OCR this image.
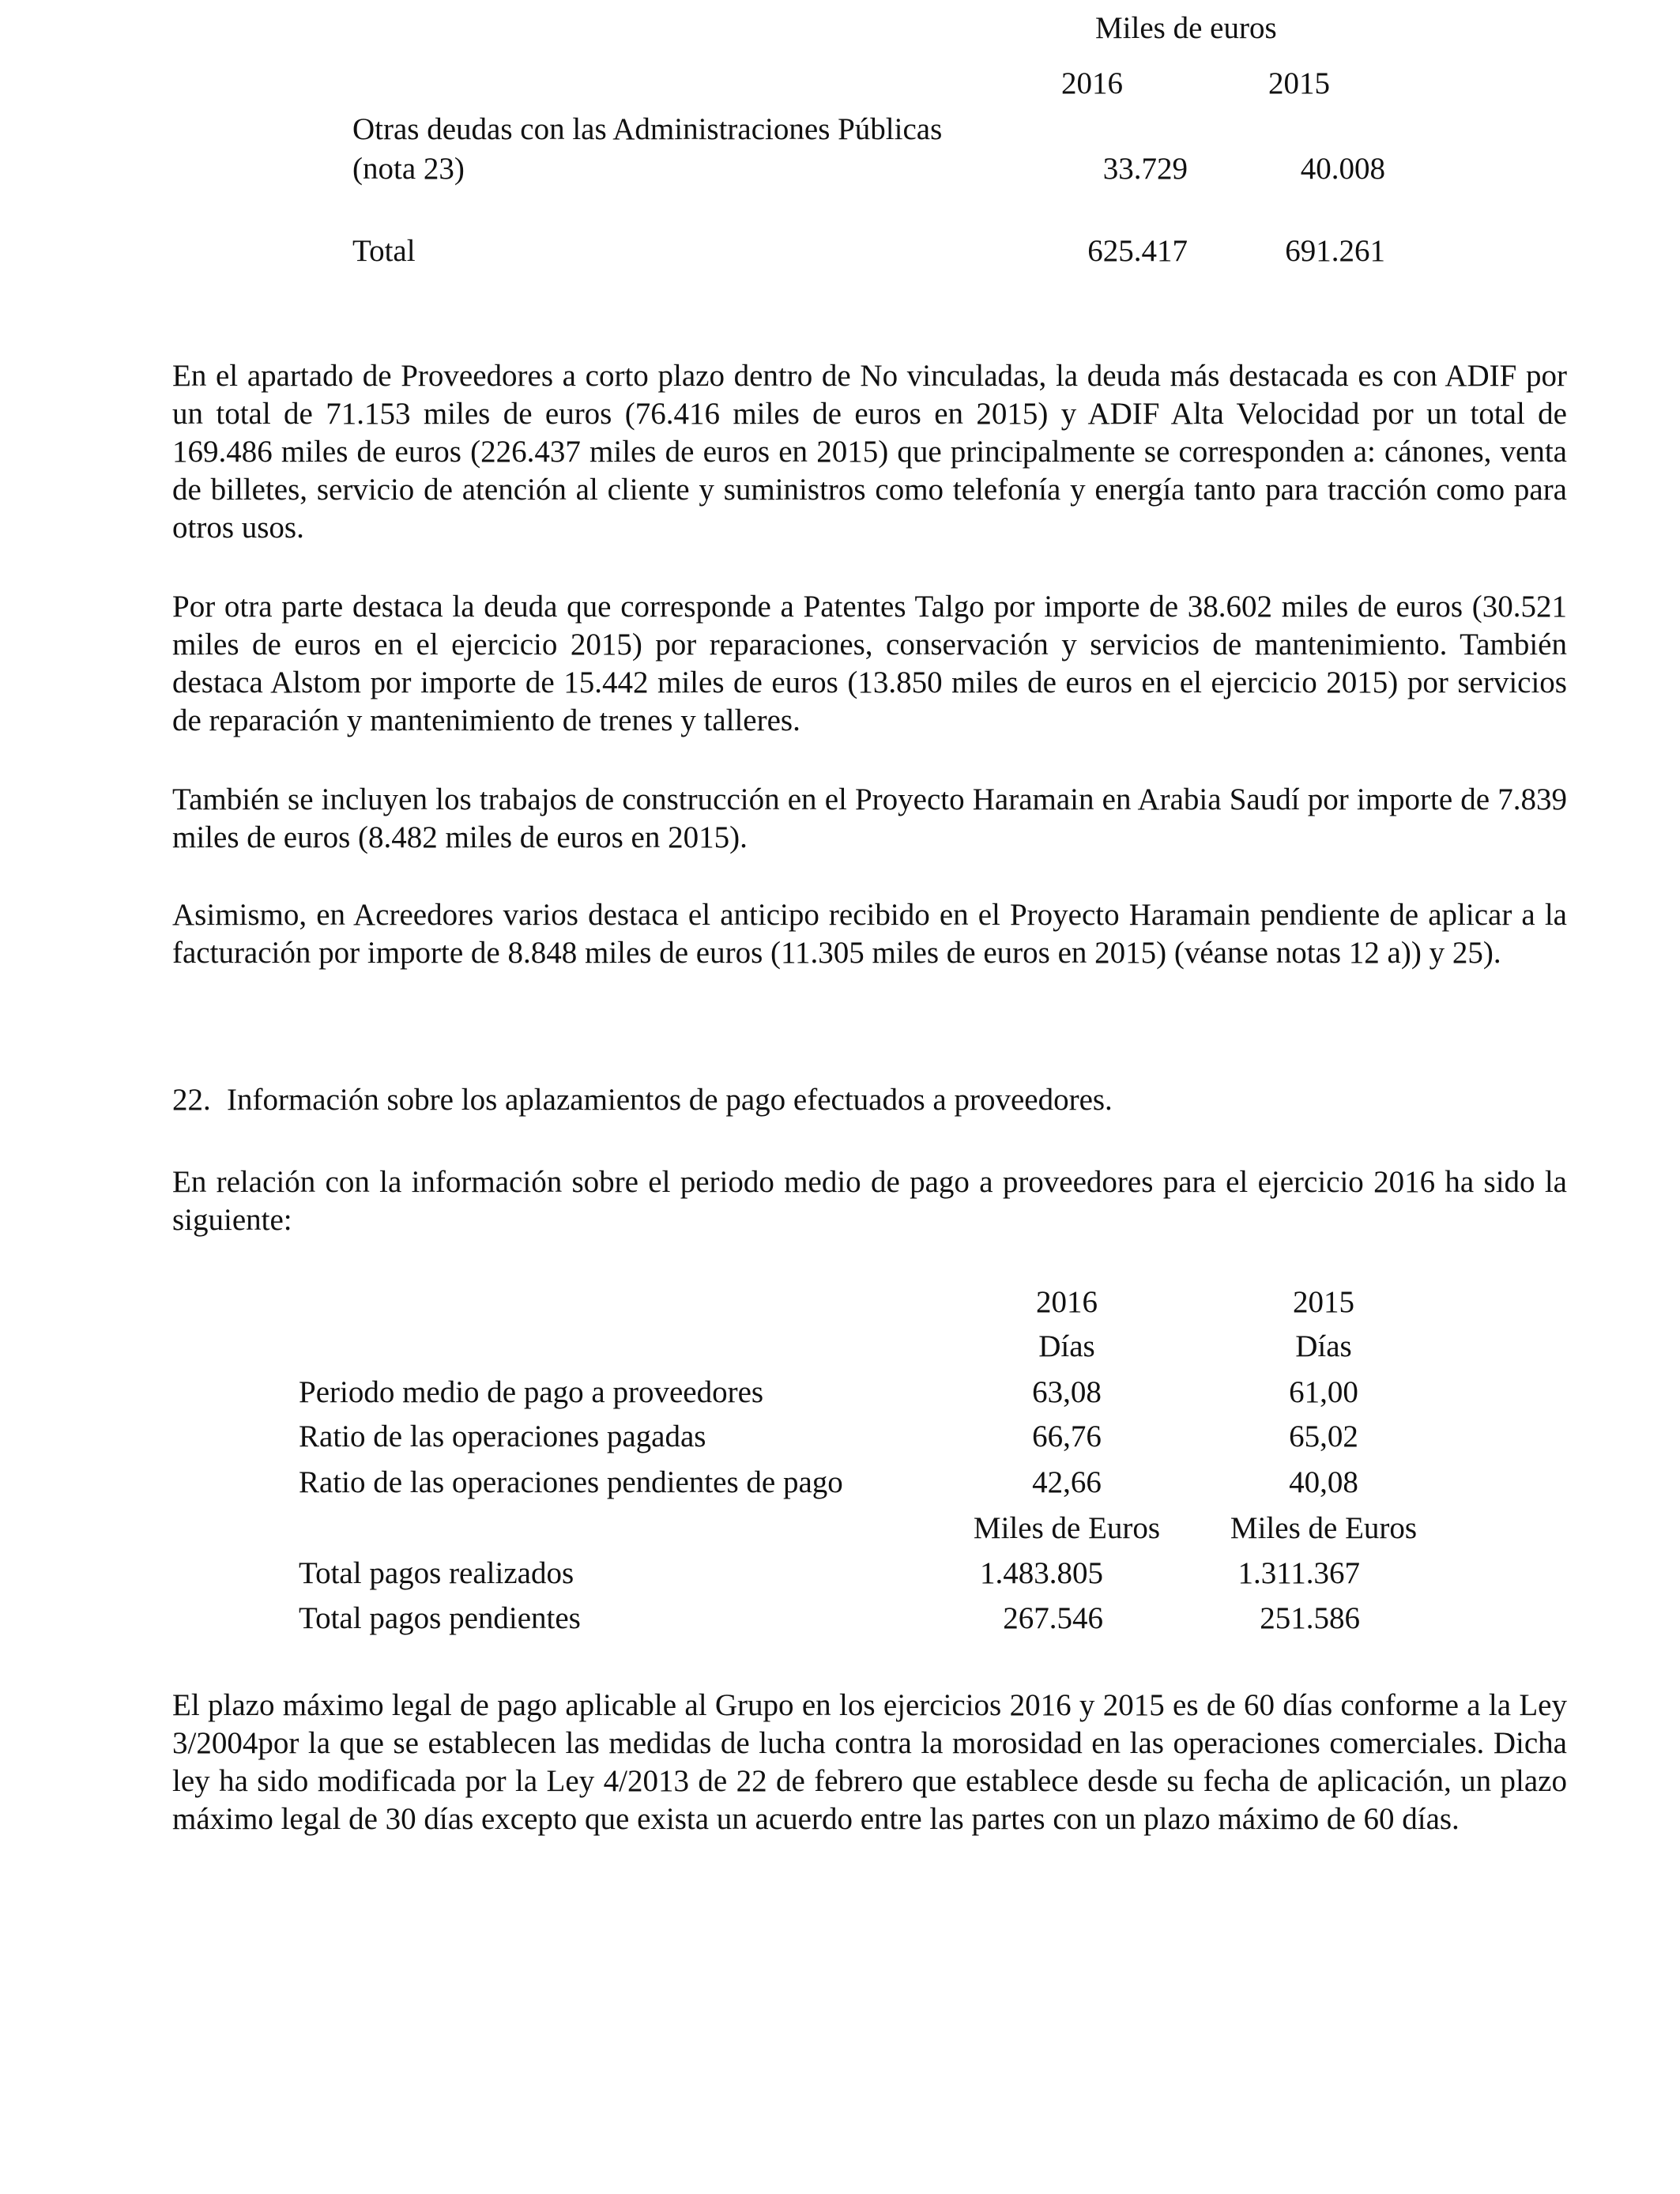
Miles de euros
2016	2015
Otras deudas con las Administraciones Públicas
(nota 23)	33.729	40.008
Total	625.417	691.261
En el apartado de Proveedores a corto plazo dentro de No vinculadas, la deuda más destacada es con ADIF por un total de 71.153 miles de euros (76.416 miles de euros en 2015) y ADIF Alta Velocidad por un total de 169.486 miles de euros (226.437 miles de euros en 2015) que principalmente se corresponden a: cánones, venta de billetes, servicio de atención al cliente y suministros como telefonía y energía tanto para tracción como para otros usos.
Por otra parte destaca la deuda que corresponde a Patentes Talgo por importe de 38.602 miles de euros (30.521 miles de euros en el ejercicio 2015) por reparaciones, conservación y servicios de mantenimiento. También destaca Alstom por importe de 15.442 miles de euros (13.850 miles de euros en el ejercicio 2015) por servicios de reparación y mantenimiento de trenes y talleres.
También se incluyen los trabajos de construcción en el Proyecto Haramain en Arabia Saudí por importe de 7.839 miles de euros (8.482 miles de euros en 2015).
Asimismo, en Acreedores varios destaca el anticipo recibido en el Proyecto Haramain pendiente de aplicar a la facturación por importe de 8.848 miles de euros (11.305 miles de euros en 2015) (véanse notas 12 a)) y 25).
22. Información sobre los aplazamientos de pago efectuados a proveedores.
En relación con la información sobre el periodo medio de pago a proveedores para el ejercicio 2016 ha sido la siguiente:
2016	2015
Días	Días
Periodo medio de pago a proveedores	63,08	61,00
Ratio de las operaciones pagadas	66,76	65,02
Ratio de las operaciones pendientes de pago	42,66	40,08
Miles de Euros	Miles de Euros
Total pagos realizados	1.483.805	1.311.367
Total pagos pendientes	267.546	251.586
El plazo máximo legal de pago aplicable al Grupo en los ejercicios 2016 y 2015 es de 60 días conforme a la Ley 3/2004por la que se establecen las medidas de lucha contra la morosidad en las operaciones comerciales. Dicha ley ha sido modificada por la Ley 4/2013 de 22 de febrero que establece desde su fecha de aplicación, un plazo máximo legal de 30 días excepto que exista un acuerdo entre las partes con un plazo máximo de 60 días.
